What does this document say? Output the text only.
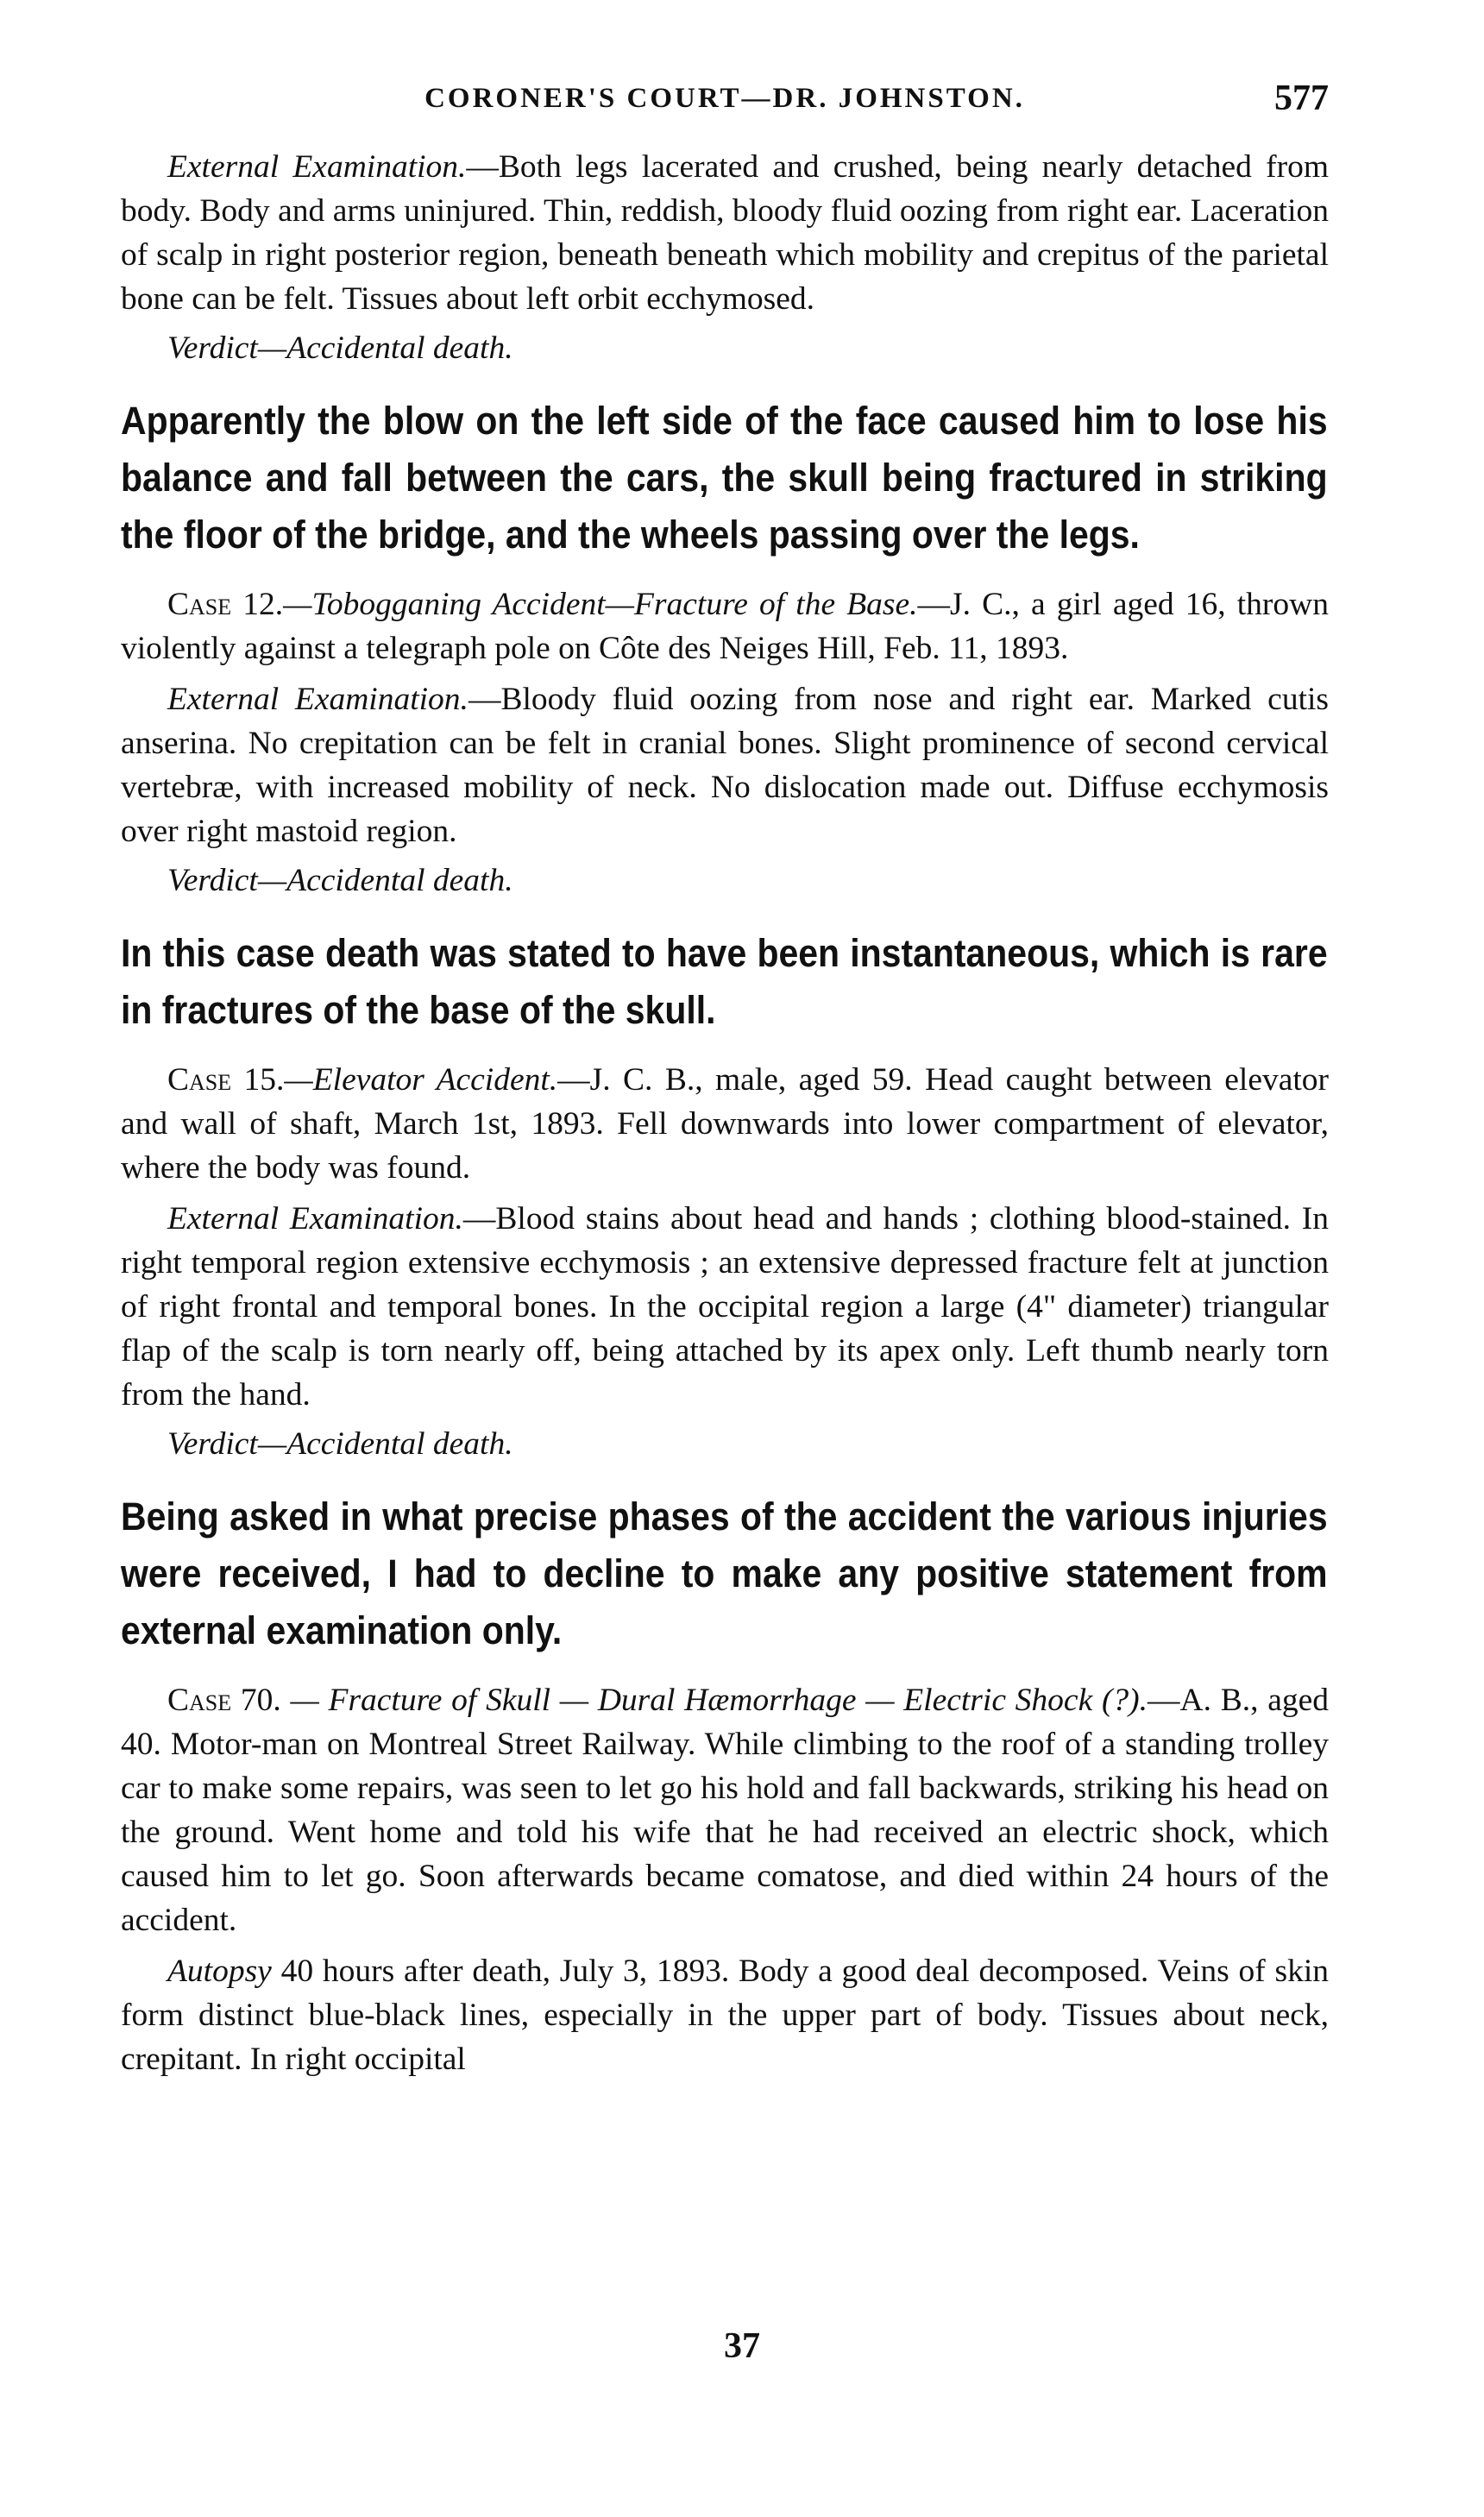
CORONER'S COURT—DR. JOHNSTON.	577

External Examination.—Both legs lacerated and crushed, being nearly detached from body. Body and arms uninjured. Thin, reddish, bloody fluid oozing from right ear. Laceration of scalp in right posterior region, beneath beneath which mobility and crepitus of the parietal bone can be felt. Tissues about left orbit ecchymosed.

Verdict—Accidental death.

Apparently the blow on the left side of the face caused him to lose his balance and fall between the cars, the skull being fractured in striking the floor of the bridge, and the wheels passing over the legs.

Case 12.—Tobogganing Accident—Fracture of the Base.—J. C., a girl aged 16, thrown violently against a telegraph pole on Côte des Neiges Hill, Feb. 11, 1893.

External Examination.—Bloody fluid oozing from nose and right ear. Marked cutis anserina. No crepitation can be felt in cranial bones. Slight prominence of second cervical vertebræ, with increased mobility of neck. No dislocation made out. Diffuse ecchymosis over right mastoid region.

Verdict—Accidental death.

In this case death was stated to have been instantaneous, which is rare in fractures of the base of the skull.

Case 15.—Elevator Accident.—J. C. B., male, aged 59. Head caught between elevator and wall of shaft, March 1st, 1893. Fell downwards into lower compartment of elevator, where the body was found.

External Examination.—Blood stains about head and hands ; clothing blood-stained. In right temporal region extensive ecchymosis ; an extensive depressed fracture felt at junction of right frontal and temporal bones. In the occipital region a large (4" diameter) triangular flap of the scalp is torn nearly off, being attached by its apex only. Left thumb nearly torn from the hand.

Verdict—Accidental death.

Being asked in what precise phases of the accident the various injuries were received, I had to decline to make any positive statement from external examination only.

Case 70. — Fracture of Skull — Dural Hæmorrhage — Electric Shock (?).—A. B., aged 40. Motor-man on Montreal Street Railway. While climbing to the roof of a standing trolley car to make some repairs, was seen to let go his hold and fall backwards, striking his head on the ground. Went home and told his wife that he had received an electric shock, which caused him to let go. Soon afterwards became comatose, and died within 24 hours of the accident.

Autopsy 40 hours after death, July 3, 1893. Body a good deal decomposed. Veins of skin form distinct blue-black lines, especially in the upper part of body. Tissues about neck, crepitant. In right occipital

37
